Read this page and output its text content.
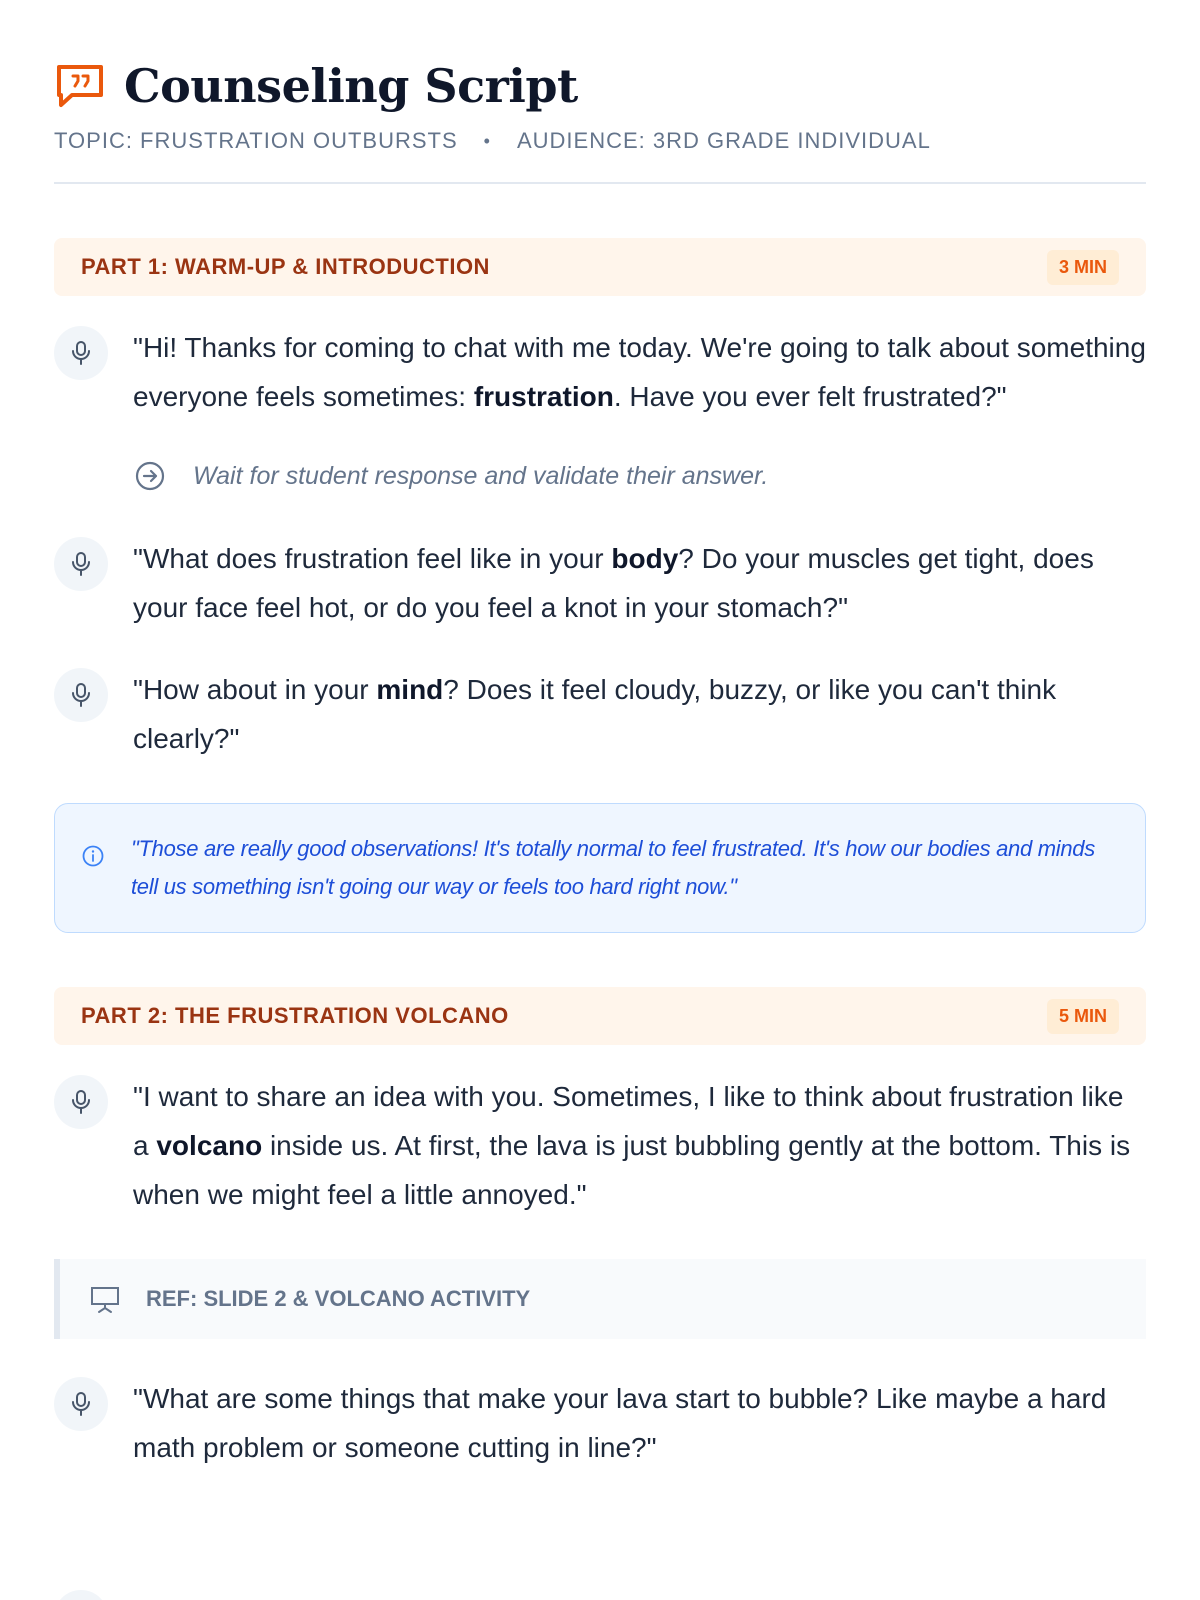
Counseling Script
TOPIC: FRUSTRATION OUTBURSTS • AUDIENCE: 3RD GRADE INDIVIDUAL
PART 1: WARM-UP & INTRODUCTION	3 MIN
"Hi! Thanks for coming to chat with me today. We're going to talk about something everyone feels sometimes: frustration. Have you ever felt frustrated?"
Wait for student response and validate their answer.
"What does frustration feel like in your body? Do your muscles get tight, does your face feel hot, or do you feel a knot in your stomach?"
"How about in your mind? Does it feel cloudy, buzzy, or like you can't think clearly?"
"Those are really good observations! It's totally normal to feel frustrated. It's how our bodies and minds tell us something isn't going our way or feels too hard right now."
PART 2: THE FRUSTRATION VOLCANO	5 MIN
"I want to share an idea with you. Sometimes, I like to think about frustration like a volcano inside us. At first, the lava is just bubbling gently at the bottom. This is when we might feel a little annoyed."
REF: SLIDE 2 & VOLCANO ACTIVITY
"What are some things that make your lava start to bubble? Like maybe a hard math problem or someone cutting in line?"
